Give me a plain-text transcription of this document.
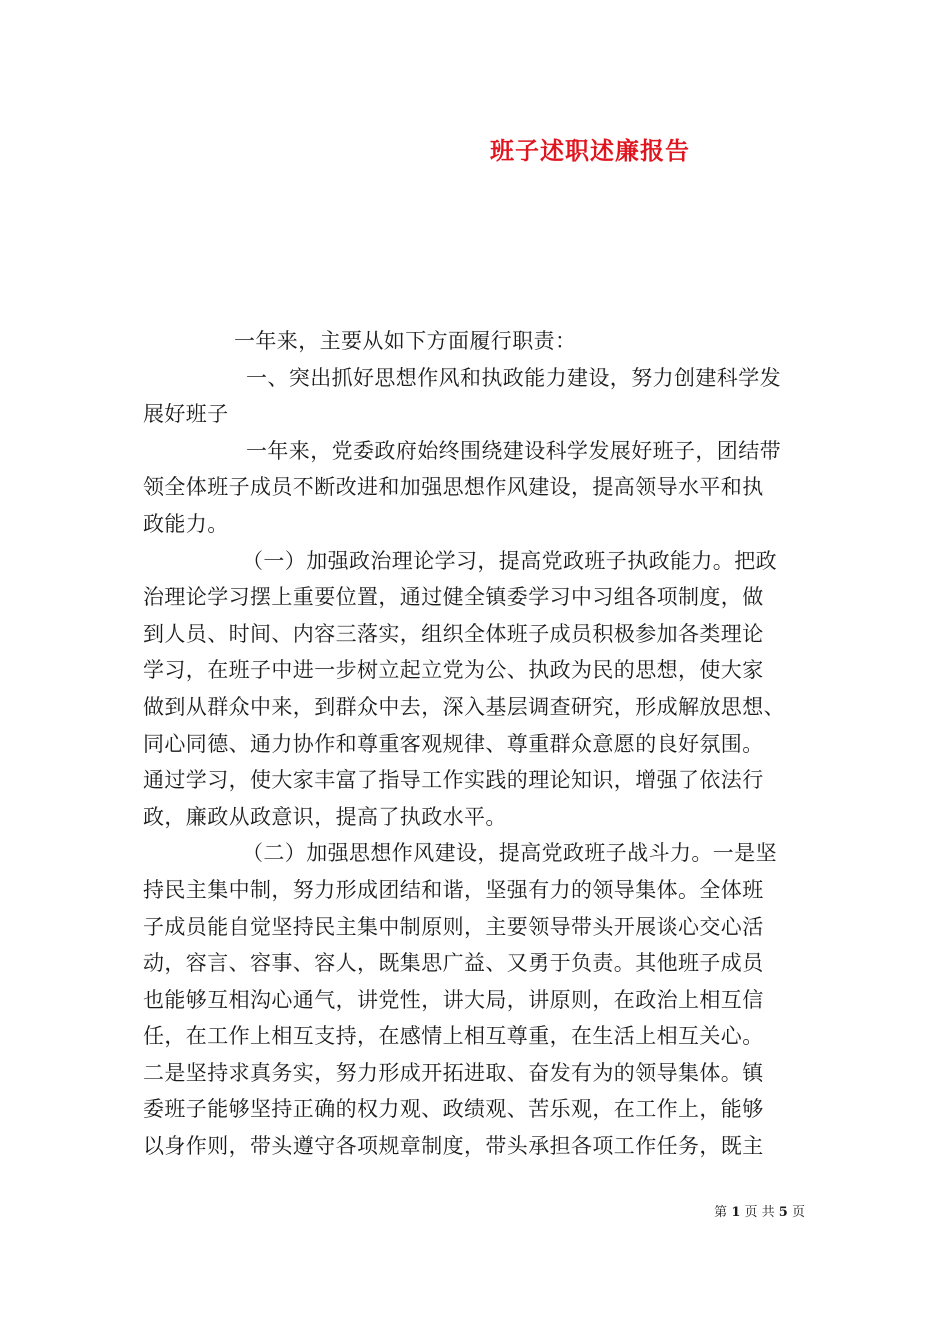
班子述职述廉报告
一年来，主要从如下方面履行职责：
一、突出抓好思想作风和执政能力建设，努力创建科学发
展好班子
一年来，党委政府始终围绕建设科学发展好班子，团结带
领全体班子成员不断改进和加强思想作风建设，提高领导水平和执
政能力。
（一）加强政治理论学习，提高党政班子执政能力。把政
治理论学习摆上重要位置，通过健全镇委学习中习组各项制度，做
到人员、时间、内容三落实，组织全体班子成员积极参加各类理论
学习，在班子中进一步树立起立党为公、执政为民的思想，使大家
做到从群众中来，到群众中去，深入基层调查研究，形成解放思想、
同心同德、通力协作和尊重客观规律、尊重群众意愿的良好氛围。
通过学习，使大家丰富了指导工作实践的理论知识，增强了依法行
政，廉政从政意识，提高了执政水平。
（二）加强思想作风建设，提高党政班子战斗力。一是坚
持民主集中制，努力形成团结和谐，坚强有力的领导集体。全体班
子成员能自觉坚持民主集中制原则，主要领导带头开展谈心交心活
动，容言、容事、容人，既集思广益、又勇于负责。其他班子成员
也能够互相沟心通气，讲党性，讲大局，讲原则，在政治上相互信
任，在工作上相互支持，在感情上相互尊重，在生活上相互关心。
二是坚持求真务实，努力形成开拓进取、奋发有为的领导集体。镇
委班子能够坚持正确的权力观、政绩观、苦乐观，在工作上，能够
以身作则，带头遵守各项规章制度，带头承担各项工作任务，既主
第 1 页 共 5 页
